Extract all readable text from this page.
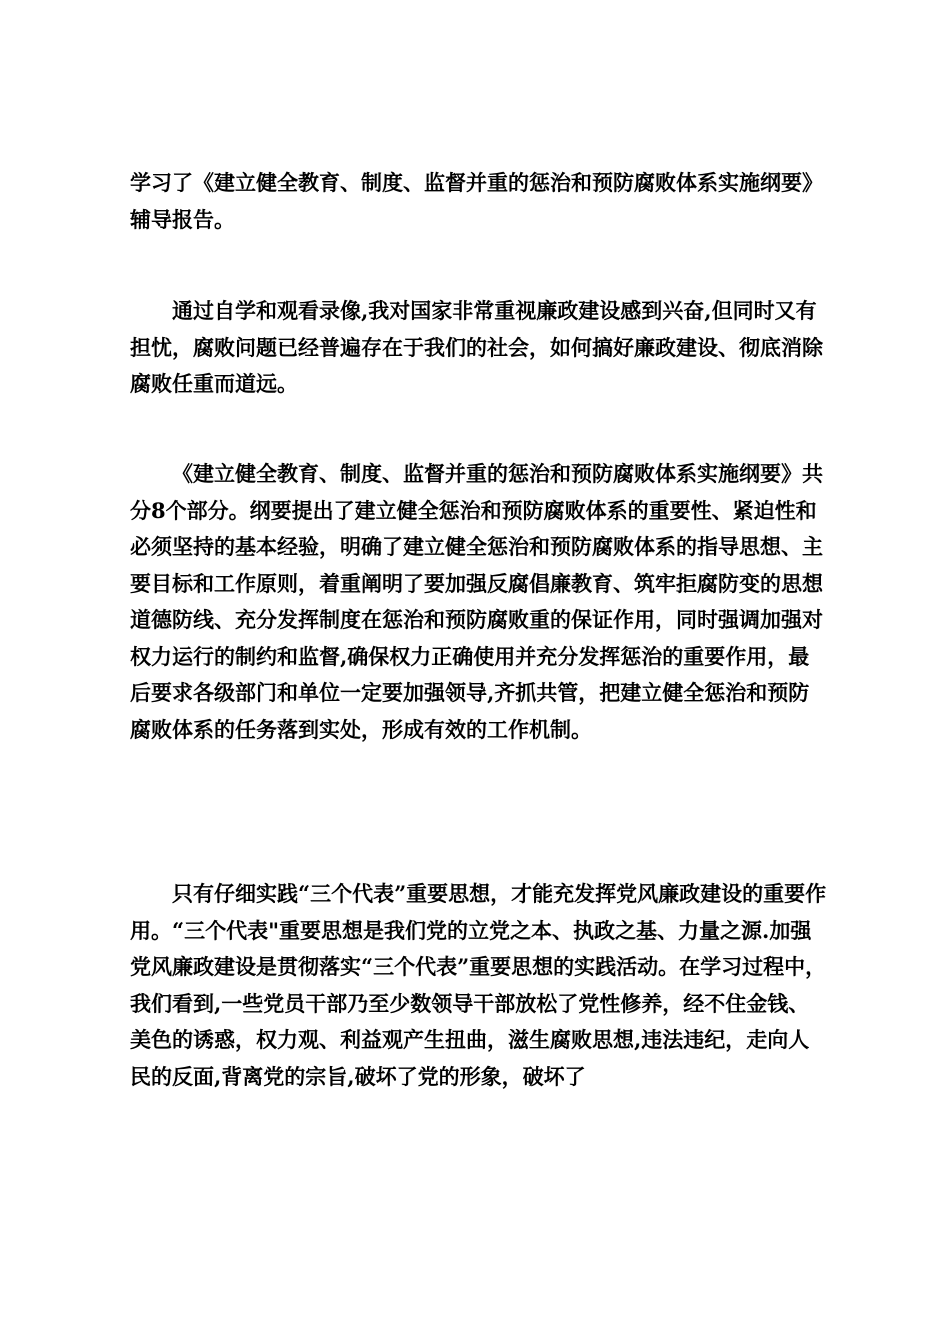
学习了《建立健全教育、制度、监督并重的惩治和预防腐败体系实施纲要》辅导报告。

通过自学和观看录像,我对国家非常重视廉政建设感到兴奋,但同时又有担忧，腐败问题已经普遍存在于我们的社会，如何搞好廉政建设、彻底消除腐败任重而道远。

《建立健全教育、制度、监督并重的惩治和预防腐败体系实施纲要》共分8个部分。纲要提出了建立健全惩治和预防腐败体系的重要性、紧迫性和必须坚持的基本经验，明确了建立健全惩治和预防腐败体系的指导思想、主要目标和工作原则，着重阐明了要加强反腐倡廉教育、筑牢拒腐防变的思想道德防线、充分发挥制度在惩治和预防腐败重的保证作用，同时强调加强对权力运行的制约和监督,确保权力正确使用并充分发挥惩治的重要作用，最后要求各级部门和单位一定要加强领导,齐抓共管，把建立健全惩治和预防腐败体系的任务落到实处，形成有效的工作机制。

只有仔细实践“三个代表”重要思想，才能充发挥党风廉政建设的重要作用。“三个代表"重要思想是我们党的立党之本、执政之基、力量之源.加强党风廉政建设是贯彻落实“三个代表”重要思想的实践活动。在学习过程中，我们看到,一些党员干部乃至少数领导干部放松了党性修养，经不住金钱、美色的诱惑，权力观、利益观产生扭曲，滋生腐败思想,违法违纪，走向人民的反面,背离党的宗旨,破坏了党的形象，破坏了
